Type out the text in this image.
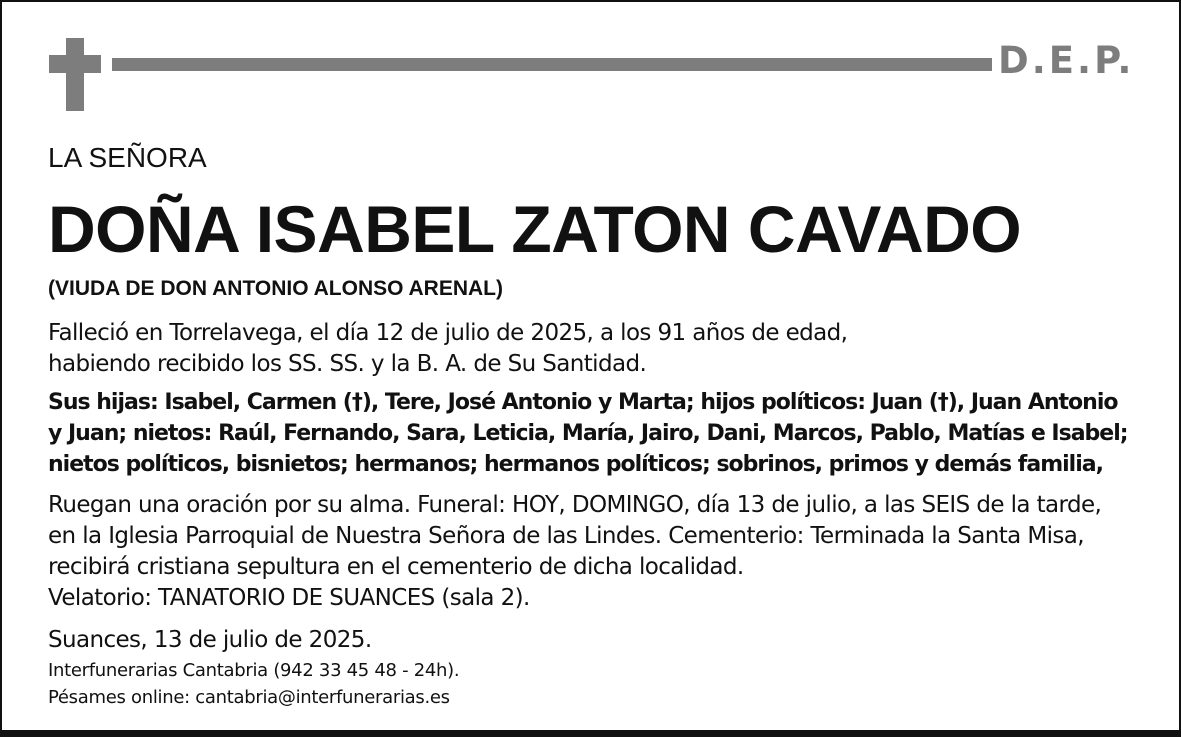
D.E.P.
LA SEÑORA
DOÑA ISABEL ZATON CAVADO
(VIUDA DE DON ANTONIO ALONSO ARENAL)
Falleció en Torrelavega, el día 12 de julio de 2025, a los 91 años de edad,
habiendo recibido los SS. SS. y la B. A. de Su Santidad.
Sus hijas: Isabel, Carmen (†), Tere, José Antonio y Marta; hijos políticos: Juan (†), Juan Antonio
y Juan; nietos: Raúl, Fernando, Sara, Leticia, María, Jairo, Dani, Marcos, Pablo, Matías e Isabel;
nietos políticos, bisnietos; hermanos; hermanos políticos; sobrinos, primos y demás familia,
Ruegan una oración por su alma. Funeral: HOY, DOMINGO, día 13 de julio, a las SEIS de la tarde,
en la Iglesia Parroquial de Nuestra Señora de las Lindes. Cementerio: Terminada la Santa Misa,
recibirá cristiana sepultura en el cementerio de dicha localidad.
Velatorio: TANATORIO DE SUANCES (sala 2).
Suances, 13 de julio de 2025.
Interfunerarias Cantabria (942 33 45 48 - 24h).
Pésames online: cantabria@interfunerarias.es
